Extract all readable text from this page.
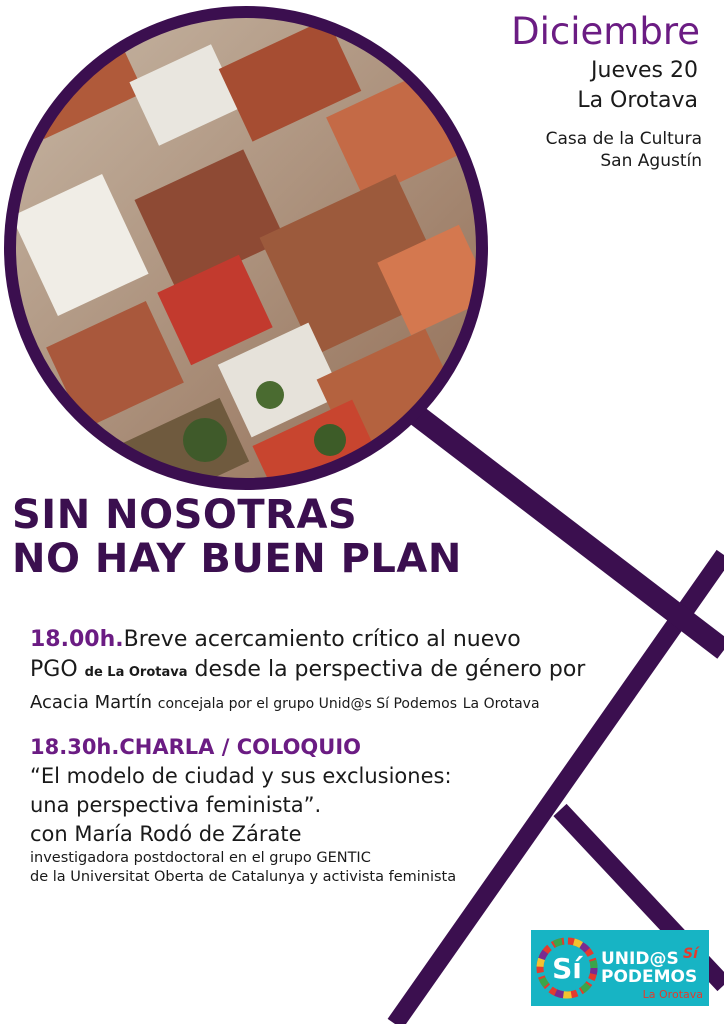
Diciembre
Jueves 20
La Orotava
Casa de la Cultura
San Agustín
SIN NOSOTRAS
NO HAY BUEN PLAN
18.00h.Breve acercamiento crítico al nuevo
PGO de La Orotava desde la perspectiva de género por
Acacia Martín concejala por el grupo Unid@s Sí Podemos La Orotava
18.30h.CHARLA / COLOQUIO
“El modelo de ciudad y sus exclusiones:
una perspectiva feminista”.
con María Rodó de Zárate
investigadora postdoctoral en el grupo GENTIC
de la Universitat Oberta de Catalunya y activista feminista
Sí UNID@S Sí
PODEMOS
La Orotava
